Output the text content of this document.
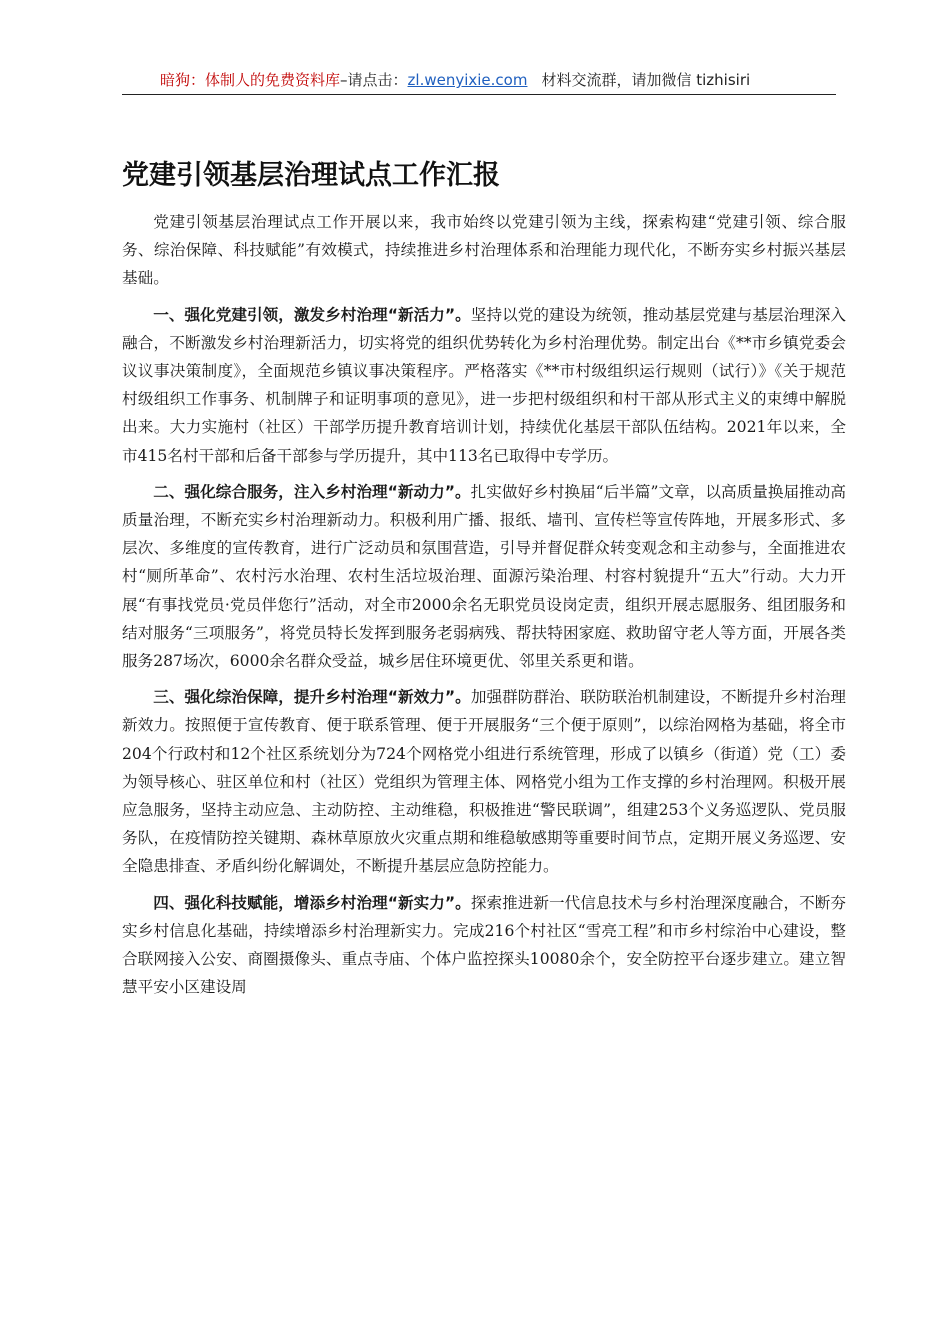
暗狗：体制人的免费资料库–请点击：zl.wenyixie.com 材料交流群，请加微信 tizhisiri
党建引领基层治理试点工作汇报

党建引领基层治理试点工作开展以来，我市始终以党建引领为主线，探索构建“党建引领、综合服务、综治保障、科技赋能”有效模式，持续推进乡村治理体系和治理能力现代化，不断夯实乡村振兴基层基础。

一、强化党建引领，激发乡村治理“新活力”。坚持以党的建设为统领，推动基层党建与基层治理深入融合，不断激发乡村治理新活力，切实将党的组织优势转化为乡村治理优势。制定出台《**市乡镇党委会议议事决策制度》，全面规范乡镇议事决策程序。严格落实《**市村级组织运行规则（试行）》《关于规范村级组织工作事务、机制牌子和证明事项的意见》，进一步把村级组织和村干部从形式主义的束缚中解脱出来。大力实施村（社区）干部学历提升教育培训计划，持续优化基层干部队伍结构。2021年以来，全市415名村干部和后备干部参与学历提升，其中113名已取得中专学历。

二、强化综合服务，注入乡村治理“新动力”。扎实做好乡村换届“后半篇”文章，以高质量换届推动高质量治理，不断充实乡村治理新动力。积极利用广播、报纸、墙刊、宣传栏等宣传阵地，开展多形式、多层次、多维度的宣传教育，进行广泛动员和氛围营造，引导并督促群众转变观念和主动参与，全面推进农村“厕所革命”、农村污水治理、农村生活垃圾治理、面源污染治理、村容村貌提升“五大”行动。大力开展“有事找党员·党员伴您行”活动，对全市2000余名无职党员设岗定责，组织开展志愿服务、组团服务和结对服务“三项服务”，将党员特长发挥到服务老弱病残、帮扶特困家庭、救助留守老人等方面，开展各类服务287场次，6000余名群众受益，城乡居住环境更优、邻里关系更和谐。

三、强化综治保障，提升乡村治理“新效力”。加强群防群治、联防联治机制建设，不断提升乡村治理新效力。按照便于宣传教育、便于联系管理、便于开展服务“三个便于原则”，以综治网格为基础，将全市204个行政村和12个社区系统划分为724个网格党小组进行系统管理，形成了以镇乡（街道）党（工）委为领导核心、驻区单位和村（社区）党组织为管理主体、网格党小组为工作支撑的乡村治理网。积极开展应急服务，坚持主动应急、主动防控、主动维稳，积极推进“警民联调”，组建253个义务巡逻队、党员服务队，在疫情防控关键期、森林草原放火灾重点期和维稳敏感期等重要时间节点，定期开展义务巡逻、安全隐患排查、矛盾纠纷化解调处，不断提升基层应急防控能力。

四、强化科技赋能，增添乡村治理“新实力”。探索推进新一代信息技术与乡村治理深度融合，不断夯实乡村信息化基础，持续增添乡村治理新实力。完成216个村社区“雪亮工程”和市乡村综治中心建设，整合联网接入公安、商圈摄像头、重点寺庙、个体户监控探头10080余个，安全防控平台逐步建立。建立智慧平安小区建设周
